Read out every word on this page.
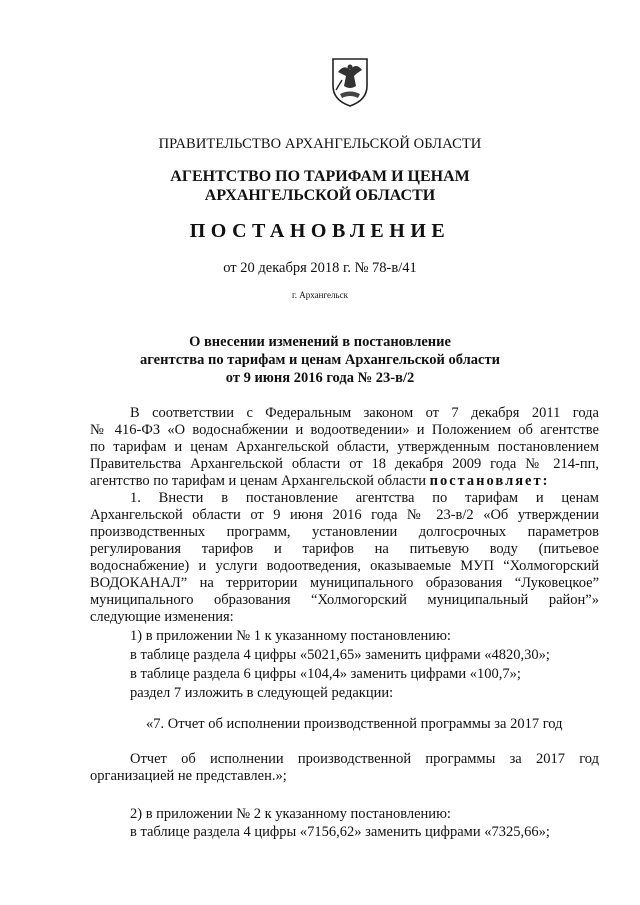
ПРАВИТЕЛЬСТВО АРХАНГЕЛЬСКОЙ ОБЛАСТИ
АГЕНТСТВО ПО ТАРИФАМ И ЦЕНАМ
АРХАНГЕЛЬСКОЙ ОБЛАСТИ
ПОСТАНОВЛЕНИЕ
от 20 декабря 2018 г. № 78-в/41
г. Архангельск
О внесении изменений в постановление
агентства по тарифам и ценам Архангельской области
от 9 июня 2016 года № 23-в/2
В соответствии с Федеральным законом от 7 декабря 2011 года
№ 416-ФЗ «О водоснабжении и водоотведении» и Положением об агентстве
по тарифам и ценам Архангельской области, утвержденным постановлением
Правительства Архангельской области от 18 декабря 2009 года № 214-пп,
агентство по тарифам и ценам Архангельской области постановляет:
1. Внести в постановление агентства по тарифам и ценам
Архангельской области от 9 июня 2016 года № 23-в/2 «Об утверждении
производственных программ, установлении долгосрочных параметров
регулирования тарифов и тарифов на питьевую воду (питьевое
водоснабжение) и услуги водоотведения, оказываемые МУП “Холмогорский
ВОДОКАНАЛ” на территории муниципального образования “Луковецкое”
муниципального образования “Холмогорский муниципальный район”»
следующие изменения:
1) в приложении № 1 к указанному постановлению:
в таблице раздела 4 цифры «5021,65» заменить цифрами «4820,30»;
в таблице раздела 6 цифры «104,4» заменить цифрами «100,7»;
раздел 7 изложить в следующей редакции:
«7. Отчет об исполнении производственной программы за 2017 год
Отчет об исполнении производственной программы за 2017 год
организацией не представлен.»;
2) в приложении № 2 к указанному постановлению:
в таблице раздела 4 цифры «7156,62» заменить цифрами «7325,66»;
